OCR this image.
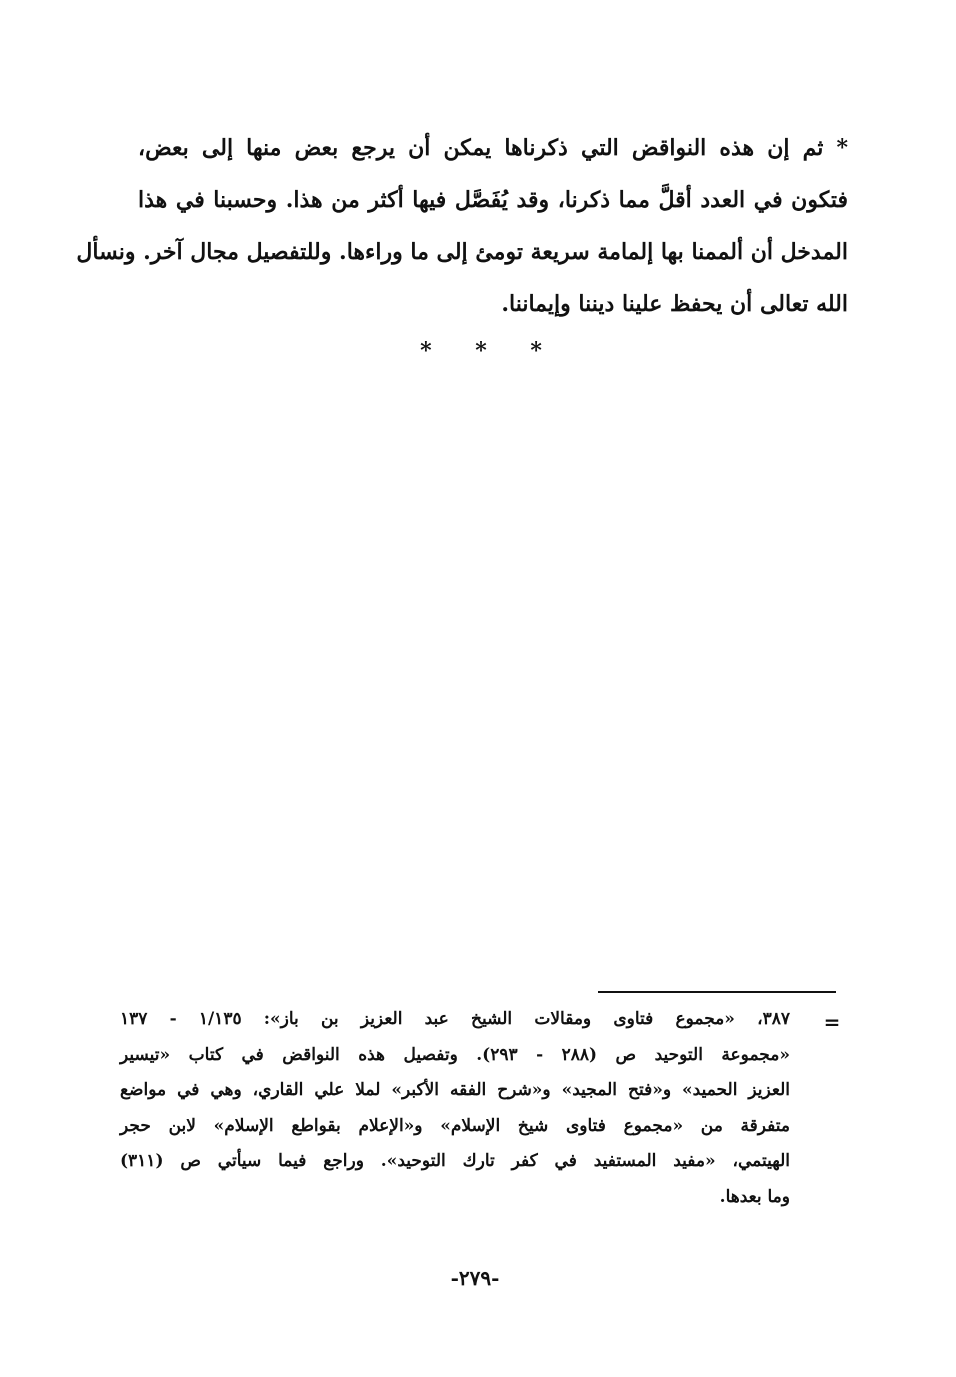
* ثم إن هذه النواقض التي ذكرناها يمكن أن يرجع بعض منها إلى بعض،
فتكون في العدد أقلَّ مما ذكرنا، وقد يُفَصَّل فيها أكثر من هذا. وحسبنا في هذا
المدخل أن ألممنا بها إلمامة سريعة تومئ إلى ما وراءها. وللتفصيل مجال آخر. ونسأل
الله تعالى أن يحفظ علينا ديننا وإيماننا.
* * *
=
٣٨٧، «مجموع فتاوى ومقالات الشيخ عبد العزيز بن باز»: ١/١٣٥ - ١٣٧
«مجموعة التوحيد ص (٢٨٨ - ٢٩٣). وتفصيل هذه النواقض في كتاب «تيسير
العزيز الحميد» و«فتح المجيد» و«شرح الفقه الأكبر» لملا علي القاري، وهي في مواضع
متفرقة من «مجموع فتاوى شيخ الإسلام» و«الإعلام بقواطع الإسلام» لابن حجر
الهيتمي، «مفيد المستفيد في كفر تارك التوحيد». وراجع فيما سيأتي ص (٣١١)
وما بعدها.
-٢٧٩-
